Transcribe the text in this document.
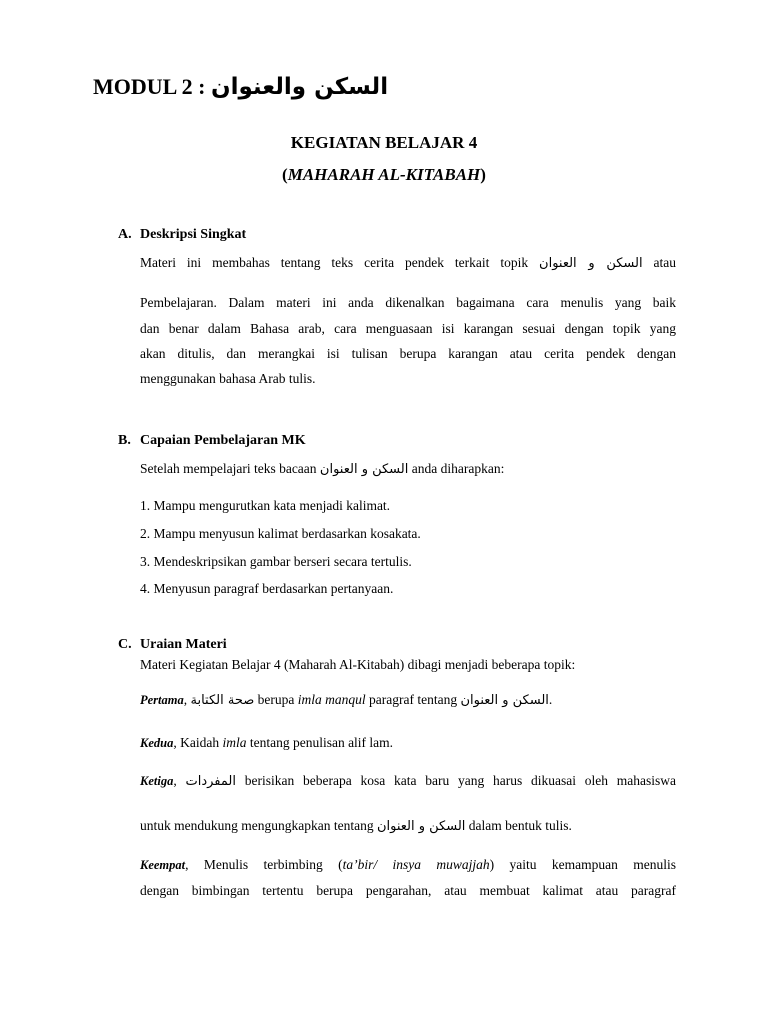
MODUL 2 : السكن والعنوان
KEGIATAN BELAJAR 4
(MAHARAH AL-KITABAH)
A. Deskripsi Singkat
Materi ini membahas tentang teks cerita pendek terkait topik السكن و العنوان atau
Pembelajaran. Dalam materi ini anda dikenalkan bagaimana cara menulis yang baik
dan benar dalam Bahasa arab, cara menguasaan isi karangan sesuai dengan topik yang
akan ditulis, dan merangkai isi tulisan berupa karangan atau cerita pendek dengan
menggunakan bahasa Arab tulis.
B. Capaian Pembelajaran MK
Setelah mempelajari teks bacaan السكن و العنوان anda diharapkan:
1. Mampu mengurutkan kata menjadi kalimat.
2. Mampu menyusun kalimat berdasarkan kosakata.
3. Mendeskripsikan gambar berseri secara tertulis.
4. Menyusun paragraf berdasarkan pertanyaan.
C. Uraian Materi
Materi Kegiatan Belajar 4 (Maharah Al-Kitabah) dibagi menjadi beberapa topik:
Pertama, صحة الكتابة berupa imla manqul paragraf tentang السكن و العنوان.
Kedua, Kaidah imla tentang penulisan alif lam.
Ketiga, المفردات berisikan beberapa kosa kata baru yang harus dikuasai oleh mahasiswa
untuk mendukung mengungkapkan tentang السكن و العنوان dalam bentuk tulis.
Keempat, Menulis terbimbing (ta’bir/ insya muwajjah) yaitu kemampuan menulis
dengan bimbingan tertentu berupa pengarahan, atau membuat kalimat atau paragraf
